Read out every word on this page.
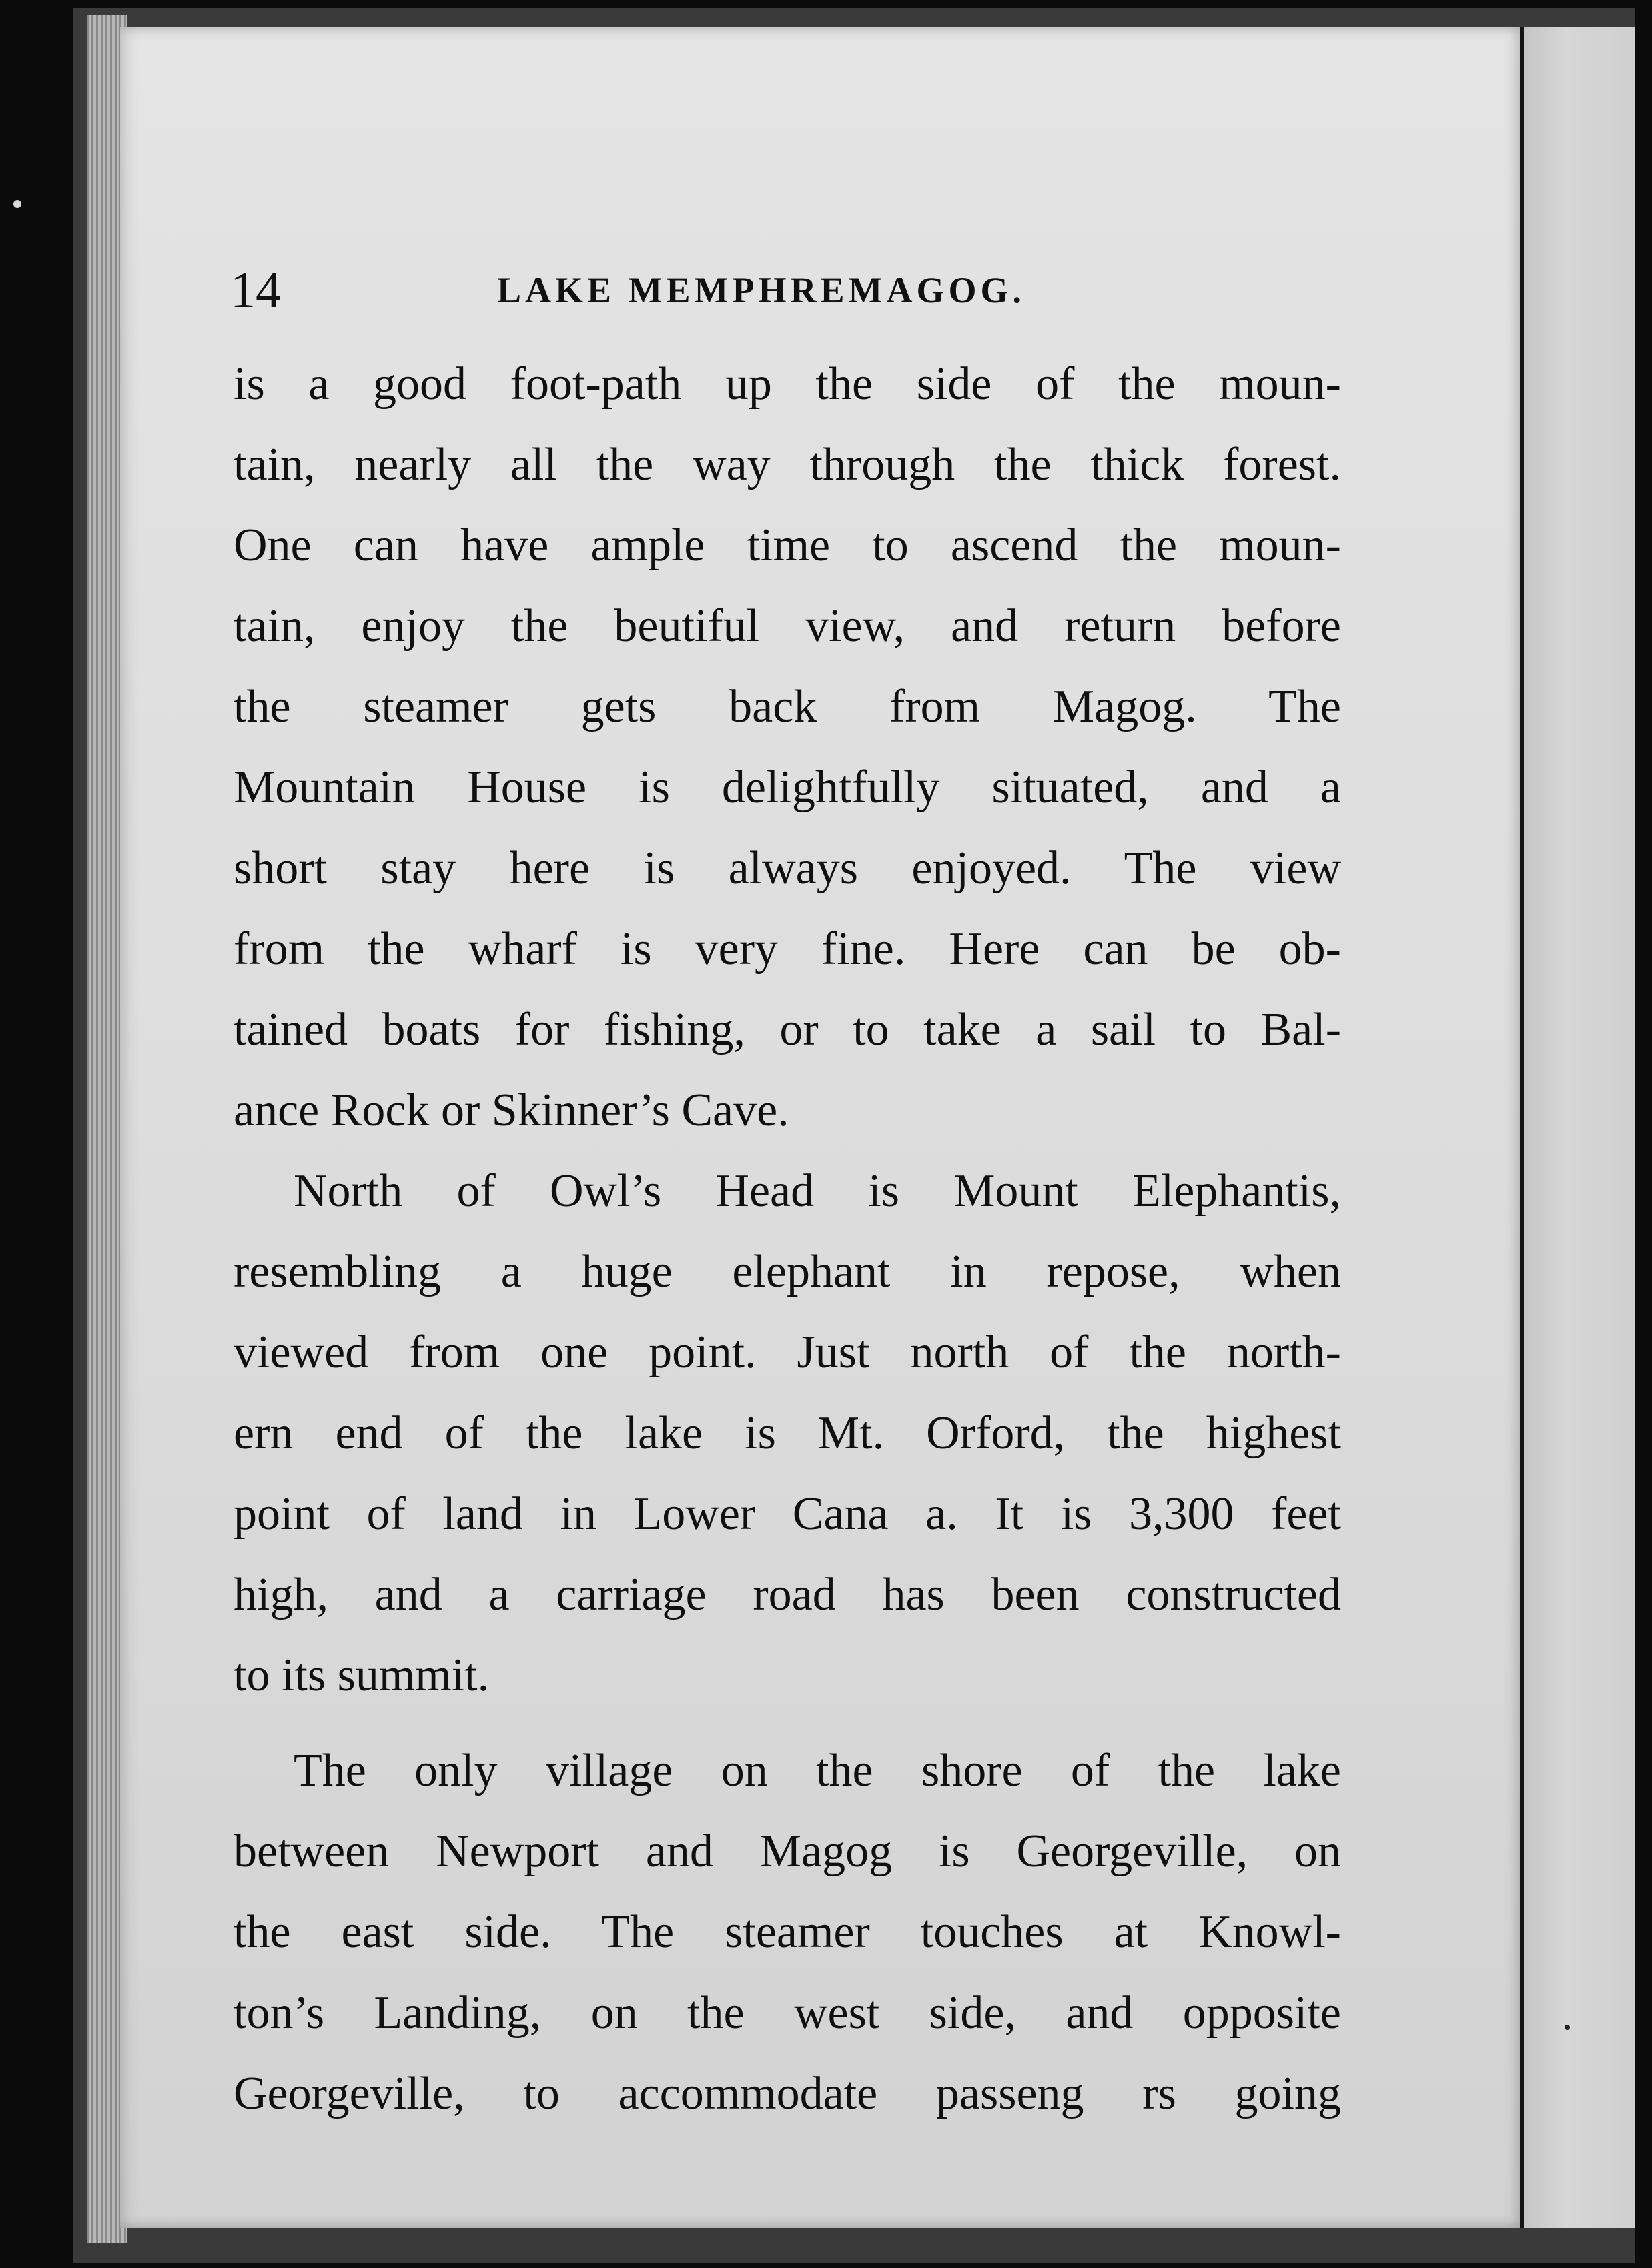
14	LAKE MEMPHREMAGOG.
is a good foot-path up the side of the moun-
tain, nearly all the way through the thick forest.
One can have ample time to ascend the moun-
tain, enjoy the beutiful view, and return before
the steamer gets back from Magog. The
Mountain House is delightfully situated, and a
short stay here is always enjoyed. The view
from the wharf is very fine. Here can be ob-
tained boats for fishing, or to take a sail to Bal-
ance Rock or Skinner’s Cave.
North of Owl’s Head is Mount Elephantis,
resembling a huge elephant in repose, when
viewed from one point. Just north of the north-
ern end of the lake is Mt. Orford, the highest
point of land in Lower Cana a. It is 3,300 feet
high, and a carriage road has been constructed
to its summit.
The only village on the shore of the lake
between Newport and Magog is Georgeville, on
the east side. The steamer touches at Knowl-
ton’s Landing, on the west side, and opposite
Georgeville, to accommodate passeng rs going
